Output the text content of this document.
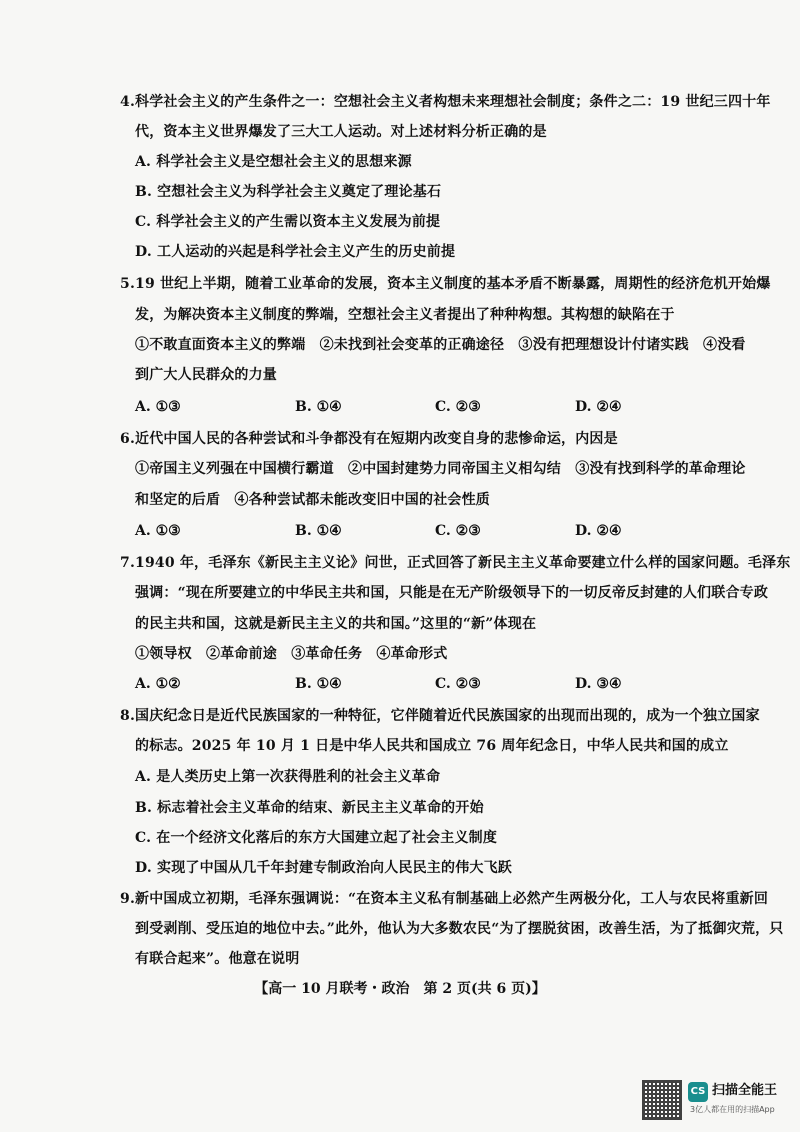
4.科学社会主义的产生条件之一：空想社会主义者构想未来理想社会制度；条件之二：19 世纪三四十年
代，资本主义世界爆发了三大工人运动。对上述材料分析正确的是
A. 科学社会主义是空想社会主义的思想来源
B. 空想社会主义为科学社会主义奠定了理论基石
C. 科学社会主义的产生需以资本主义发展为前提
D. 工人运动的兴起是科学社会主义产生的历史前提
5.19 世纪上半期，随着工业革命的发展，资本主义制度的基本矛盾不断暴露，周期性的经济危机开始爆
发，为解决资本主义制度的弊端，空想社会主义者提出了种种构想。其构想的缺陷在于
①不敢直面资本主义的弊端　②未找到社会变革的正确途径　③没有把理想设计付诸实践　④没看
到广大人民群众的力量
A. ①③	B. ①④	C. ②③	D. ②④
6.近代中国人民的各种尝试和斗争都没有在短期内改变自身的悲惨命运，内因是
①帝国主义列强在中国横行霸道　②中国封建势力同帝国主义相勾结　③没有找到科学的革命理论
和坚定的后盾　④各种尝试都未能改变旧中国的社会性质
A. ①③	B. ①④	C. ②③	D. ②④
7.1940 年，毛泽东《新民主主义论》问世，正式回答了新民主主义革命要建立什么样的国家问题。毛泽东
强调：“现在所要建立的中华民主共和国，只能是在无产阶级领导下的一切反帝反封建的人们联合专政
的民主共和国，这就是新民主主义的共和国。”这里的“新”体现在
①领导权　②革命前途　③革命任务　④革命形式
A. ①②	B. ①④	C. ②③	D. ③④
8.国庆纪念日是近代民族国家的一种特征，它伴随着近代民族国家的出现而出现的，成为一个独立国家
的标志。2025 年 10 月 1 日是中华人民共和国成立 76 周年纪念日，中华人民共和国的成立
A. 是人类历史上第一次获得胜利的社会主义革命
B. 标志着社会主义革命的结束、新民主主义革命的开始
C. 在一个经济文化落后的东方大国建立起了社会主义制度
D. 实现了中国从几千年封建专制政治向人民民主的伟大飞跃
9.新中国成立初期，毛泽东强调说：“在资本主义私有制基础上必然产生两极分化，工人与农民将重新回
到受剥削、受压迫的地位中去。”此外，他认为大多数农民“为了摆脱贫困，改善生活，为了抵御灾荒，只
有联合起来”。他意在说明
【高一 10 月联考・政治　第 2 页(共 6 页)】
CS 扫描全能王
3亿人都在用的扫描App
